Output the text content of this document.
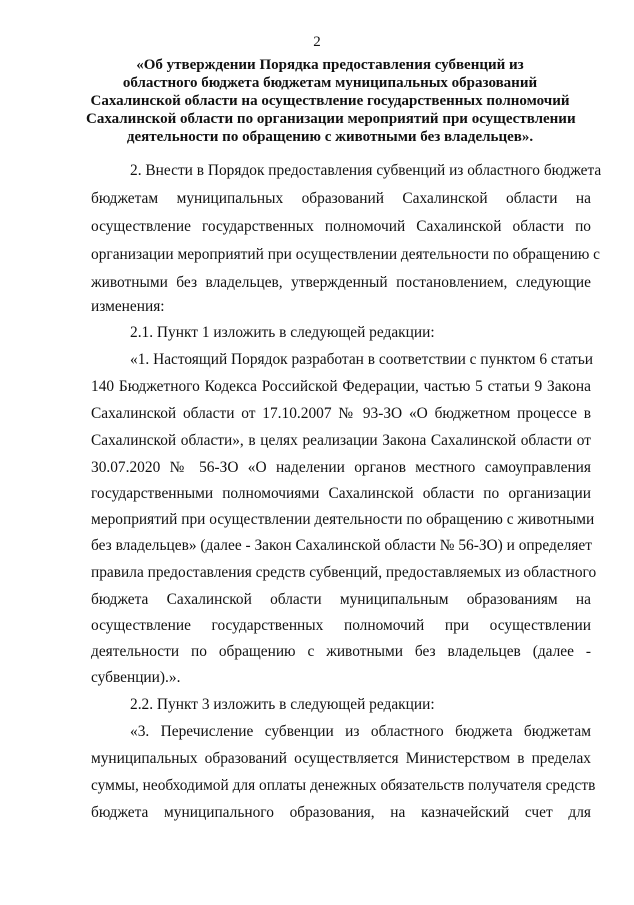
2
«Об утверждении Порядка предоставления субвенций из
областного бюджета бюджетам муниципальных образований
Сахалинской области на осуществление государственных полномочий
Сахалинской области по организации мероприятий при осуществлении
деятельности по обращению с животными без владельцев».
2. Внести в Порядок предоставления субвенций из областного бюджета
бюджетам муниципальных образований Сахалинской области на
осуществление государственных полномочий Сахалинской области по
организации мероприятий при осуществлении деятельности по обращению с
животными без владельцев, утвержденный постановлением, следующие
изменения:
2.1. Пункт 1 изложить в следующей редакции:
«1. Настоящий Порядок разработан в соответствии с пунктом 6 статьи
140 Бюджетного Кодекса Российской Федерации, частью 5 статьи 9 Закона
Сахалинской области от 17.10.2007 № 93-ЗО «О бюджетном процессе в
Сахалинской области», в целях реализации Закона Сахалинской области от
30.07.2020 № 56-ЗО «О наделении органов местного самоуправления
государственными полномочиями Сахалинской области по организации
мероприятий при осуществлении деятельности по обращению с животными
без владельцев» (далее - Закон Сахалинской области № 56-ЗО) и определяет
правила предоставления средств субвенций, предоставляемых из областного
бюджета Сахалинской области муниципальным образованиям на
осуществление государственных полномочий при осуществлении
деятельности по обращению с животными без владельцев (далее -
субвенции).».
2.2. Пункт 3 изложить в следующей редакции:
«3. Перечисление субвенции из областного бюджета бюджетам
муниципальных образований осуществляется Министерством в пределах
суммы, необходимой для оплаты денежных обязательств получателя средств
бюджета муниципального образования, на казначейский счет для
